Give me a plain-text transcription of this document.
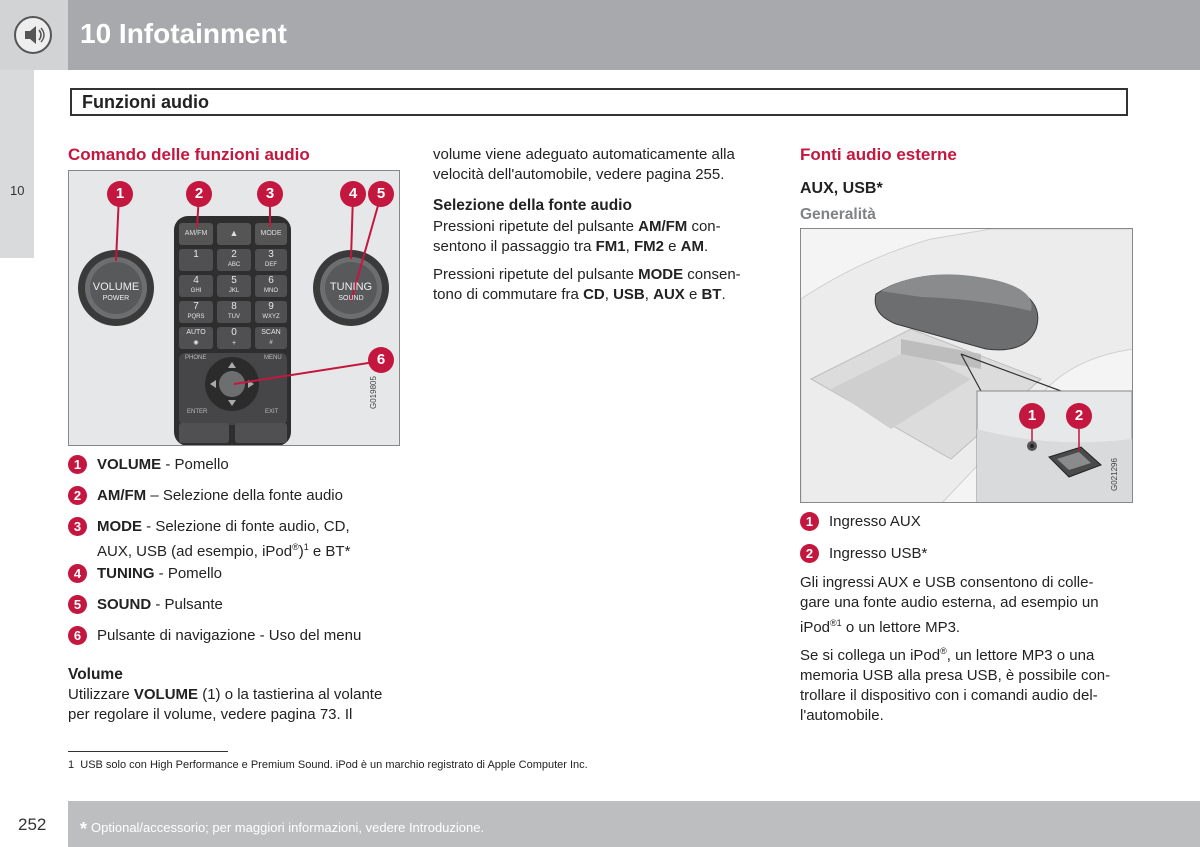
10 Infotainment
10
Funzioni audio
Comando delle funzioni audio
VOLUME
POWER
TUNING
SOUND
AM/FM	▲	MODE
1	2
ABC
3
DEF
4
GHI
5
JKL
6
MNO
7
PQRS
8
TUV
9
WXYZ
AUTO
◉
0
+
SCAN
#
PHONE	MENU
ENTER	EXIT
1	2	3	4	5
6
G019805
1	VOLUME - Pomello
2	AM/FM – Selezione della fonte audio
3	MODE - Selezione di fonte audio, CD,
AUX, USB (ad esempio, iPod®)$^1$ e BT*
4	TUNING - Pomello
5	SOUND - Pulsante
6	Pulsante di navigazione - Uso del menu
Volume
Utilizzare VOLUME (1) o la tastierina al volante
per regolare il volume, vedere pagina 73. Il
volume viene adeguato automaticamente alla
velocità dell'automobile, vedere pagina 255.
Selezione della fonte audio
Pressioni ripetute del pulsante AM/FM con-
sentono il passaggio tra FM1, FM2 e AM.
Pressioni ripetute del pulsante MODE consen-
tono di commutare fra CD, USB, AUX e BT.
Fonti audio esterne
AUX, USB*
Generalità
1	2
G021296
1	Ingresso AUX
2	Ingresso USB*
Gli ingressi AUX e USB consentono di colle-
gare una fonte audio esterna, ad esempio un
iPod$^{®1}$ o un lettore MP3.
Se si collega un iPod®, un lettore MP3 o una
memoria USB alla presa USB, è possibile con-
trollare il dispositivo con i comandi audio del-
l'automobile.
1 USB solo con High Performance e Premium Sound. iPod è un marchio registrato di Apple Computer Inc.
252 * Optional/accessorio; per maggiori informazioni, vedere Introduzione.
